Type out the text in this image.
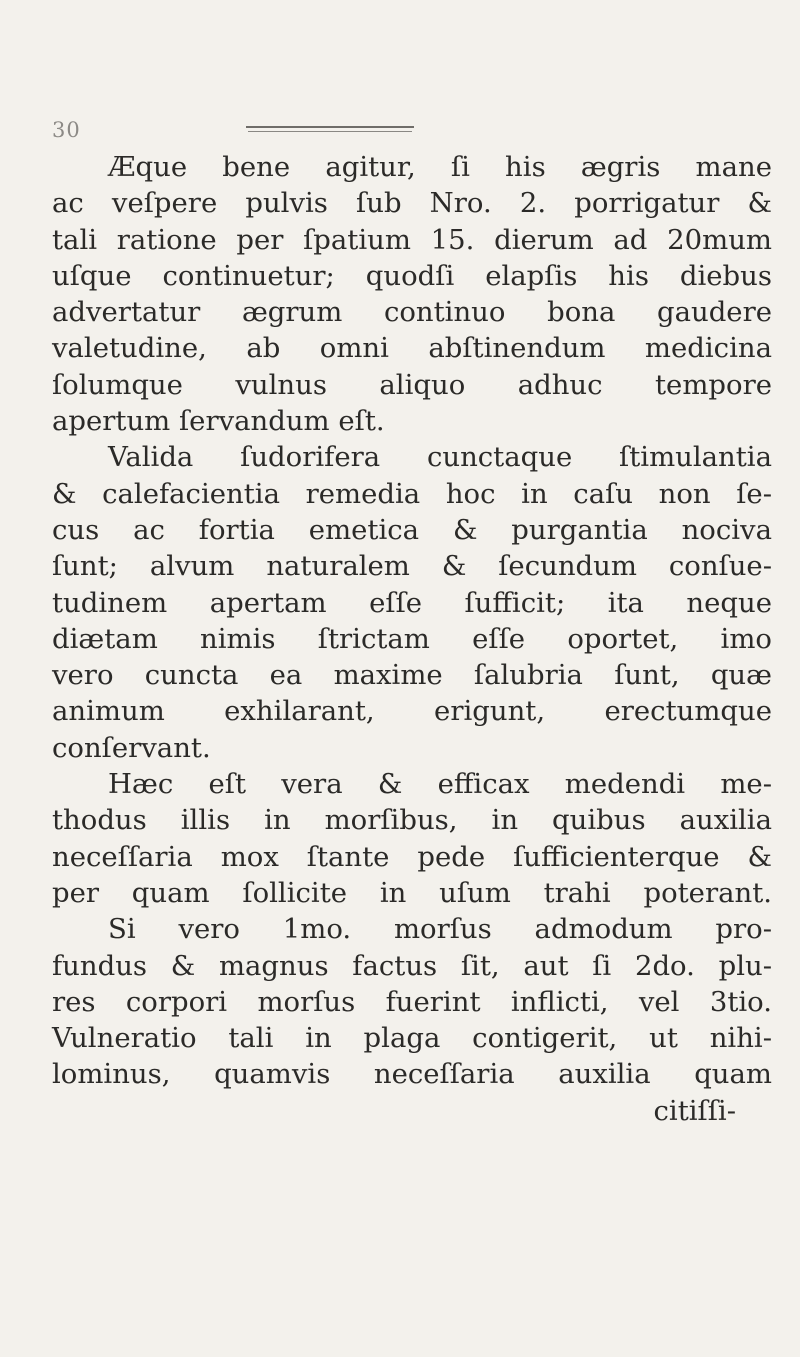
30
Æque bene agitur, ſi his ægris mane
ac veſpere pulvis ſub Nro. 2. porrigatur &
tali ratione per ſpatium 15. dierum ad 20mum
uſque continuetur; quodſi elapſis his diebus
advertatur ægrum continuo bona gaudere
valetudine, ab omni abſtinendum medicina
ſolumque vulnus aliquo adhuc tempore
apertum ſervandum eſt.
Valida ſudorifera cunctaque ſtimulantia
& calefacientia remedia hoc in caſu non ſe-
cus ac fortia emetica & purgantia nociva
ſunt; alvum naturalem & ſecundum conſue-
tudinem apertam eſſe ſufficit; ita neque
diætam nimis ſtrictam eſſe oportet, imo
vero cuncta ea maxime ſalubria ſunt, quæ
animum exhilarant, erigunt, erectumque
conſervant.
Hæc eſt vera & efficax medendi me-
thodus illis in morſibus, in quibus auxilia
neceſſaria mox ſtante pede ſufficienterque &
per quam ſollicite in uſum trahi poterant.
Si vero 1mo. morſus admodum pro-
fundus & magnus factus ſit, aut ſi 2do. plu-
res corpori morſus fuerint inflicti, vel 3tio.
Vulneratio tali in plaga contigerit, ut nihi-
lominus, quamvis neceſſaria auxilia quam
citiſſi-
